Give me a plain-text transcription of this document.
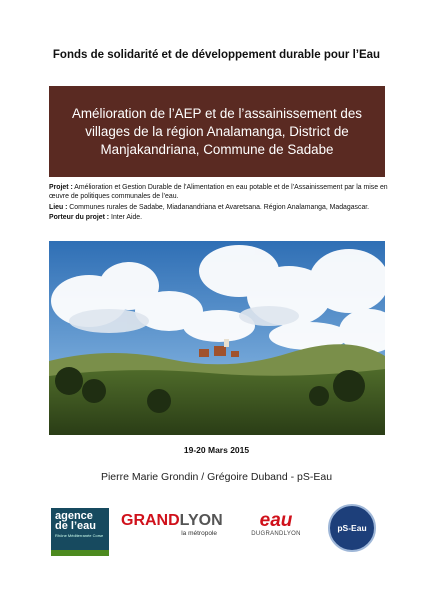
Fonds de solidarité et de développement durable pour l’Eau
Amélioration de l’AEP et de l’assainissement des villages de la région Analamanga, District de Manjakandriana, Commune de Sadabe

Projet : Amélioration et Gestion Durable de l’Alimentation en eau potable et de l’Assainissement par la mise en œuvre de politiques communales de l’eau.

Lieu : Communes rurales de Sadabe, Miadanandriana et Avaretsana. Région Analamanga, Madagascar.

Porteur du projet : Inter Aide.

19-20 Mars 2015
Pierre Marie Grondin / Grégoire Duband - pS-Eau
agence
de l’eau
Rhône Méditerranée Corse
GRANDLYON
la métropole
eau
DUGRANDLYON
pS-Eau
